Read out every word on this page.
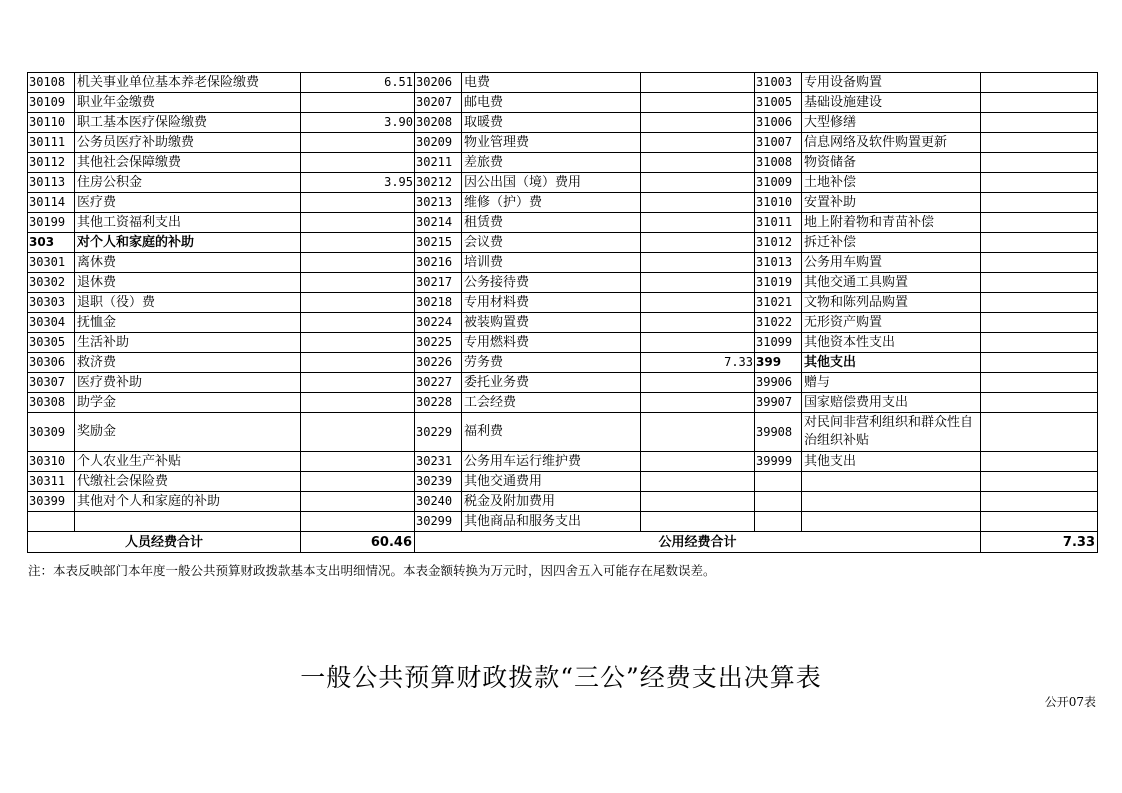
30108	机关事业单位基本养老保险缴费	6.51	30206	电费		31003	专用设备购置	
30109	职业年金缴费		30207	邮电费		31005	基础设施建设	
30110	职工基本医疗保险缴费	3.90	30208	取暖费		31006	大型修缮	
30111	公务员医疗补助缴费		30209	物业管理费		31007	信息网络及软件购置更新	
30112	其他社会保障缴费		30211	差旅费		31008	物资储备	
30113	住房公积金	3.95	30212	因公出国（境）费用		31009	土地补偿	
30114	医疗费		30213	维修（护）费		31010	安置补助	
30199	其他工资福利支出		30214	租赁费		31011	地上附着物和青苗补偿	
303	对个人和家庭的补助		30215	会议费		31012	拆迁补偿	
30301	离休费		30216	培训费		31013	公务用车购置	
30302	退休费		30217	公务接待费		31019	其他交通工具购置	
30303	退职（役）费		30218	专用材料费		31021	文物和陈列品购置	
30304	抚恤金		30224	被装购置费		31022	无形资产购置	
30305	生活补助		30225	专用燃料费		31099	其他资本性支出	
30306	救济费		30226	劳务费	7.33	399	其他支出	
30307	医疗费补助		30227	委托业务费		39906	赠与	
30308	助学金		30228	工会经费		39907	国家赔偿费用支出	
30309	奖励金		30229	福利费		39908	对民间非营利组织和群众性自治组织补贴	
30310	个人农业生产补贴		30231	公务用车运行维护费		39999	其他支出	
30311	代缴社会保险费		30239	其他交通费用				
30399	其他对个人和家庭的补助		30240	税金及附加费用				
			30299	其他商品和服务支出				
人员经费合计		60.46	公用经费合计					7.33
注：本表反映部门本年度一般公共预算财政拨款基本支出明细情况。本表金额转换为万元时，因四舍五入可能存在尾数误差。
一般公共预算财政拨款“三公”经费支出决算表
公开07表
